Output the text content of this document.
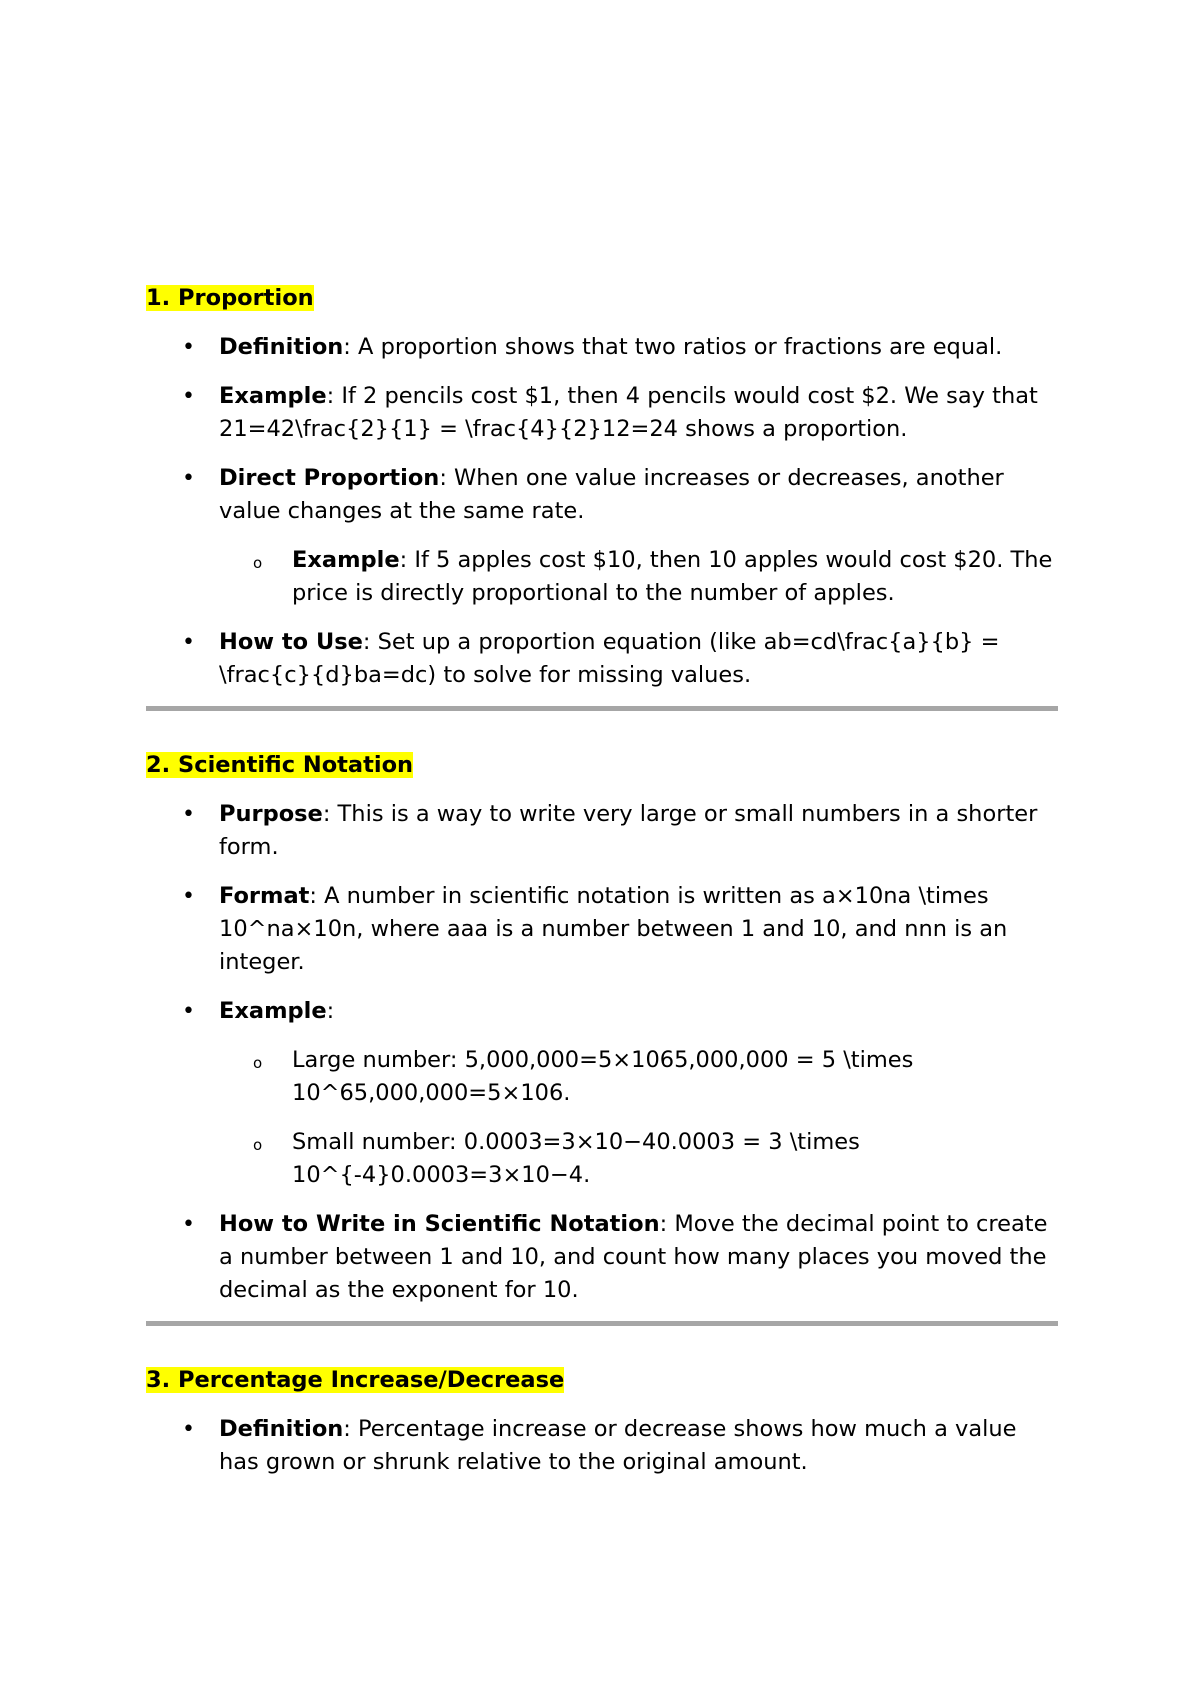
1. Proportion
• Definition: A proportion shows that two ratios or fractions are equal.
• Example: If 2 pencils cost $1, then 4 pencils would cost $2. We say that 21=42\frac{2}{1} = \frac{4}{2}12=24 shows a proportion.
• Direct Proportion: When one value increases or decreases, another value changes at the same rate.
o Example: If 5 apples cost $10, then 10 apples would cost $20. The price is directly proportional to the number of apples.
• How to Use: Set up a proportion equation (like ab=cd\frac{a}{b} = \frac{c}{d}ba=dc) to solve for missing values.
2. Scientific Notation
• Purpose: This is a way to write very large or small numbers in a shorter form.
• Format: A number in scientific notation is written as a×10na \times 10^na×10n, where aaa is a number between 1 and 10, and nnn is an integer.
• Example:
o Large number: 5,000,000=5×1065,000,000 = 5 \times 10^65,000,000=5×106.
o Small number: 0.0003=3×10−40.0003 = 3 \times 10^{-4}0.0003=3×10−4.
• How to Write in Scientific Notation: Move the decimal point to create a number between 1 and 10, and count how many places you moved the decimal as the exponent for 10.
3. Percentage Increase/Decrease
• Definition: Percentage increase or decrease shows how much a value has grown or shrunk relative to the original amount.
